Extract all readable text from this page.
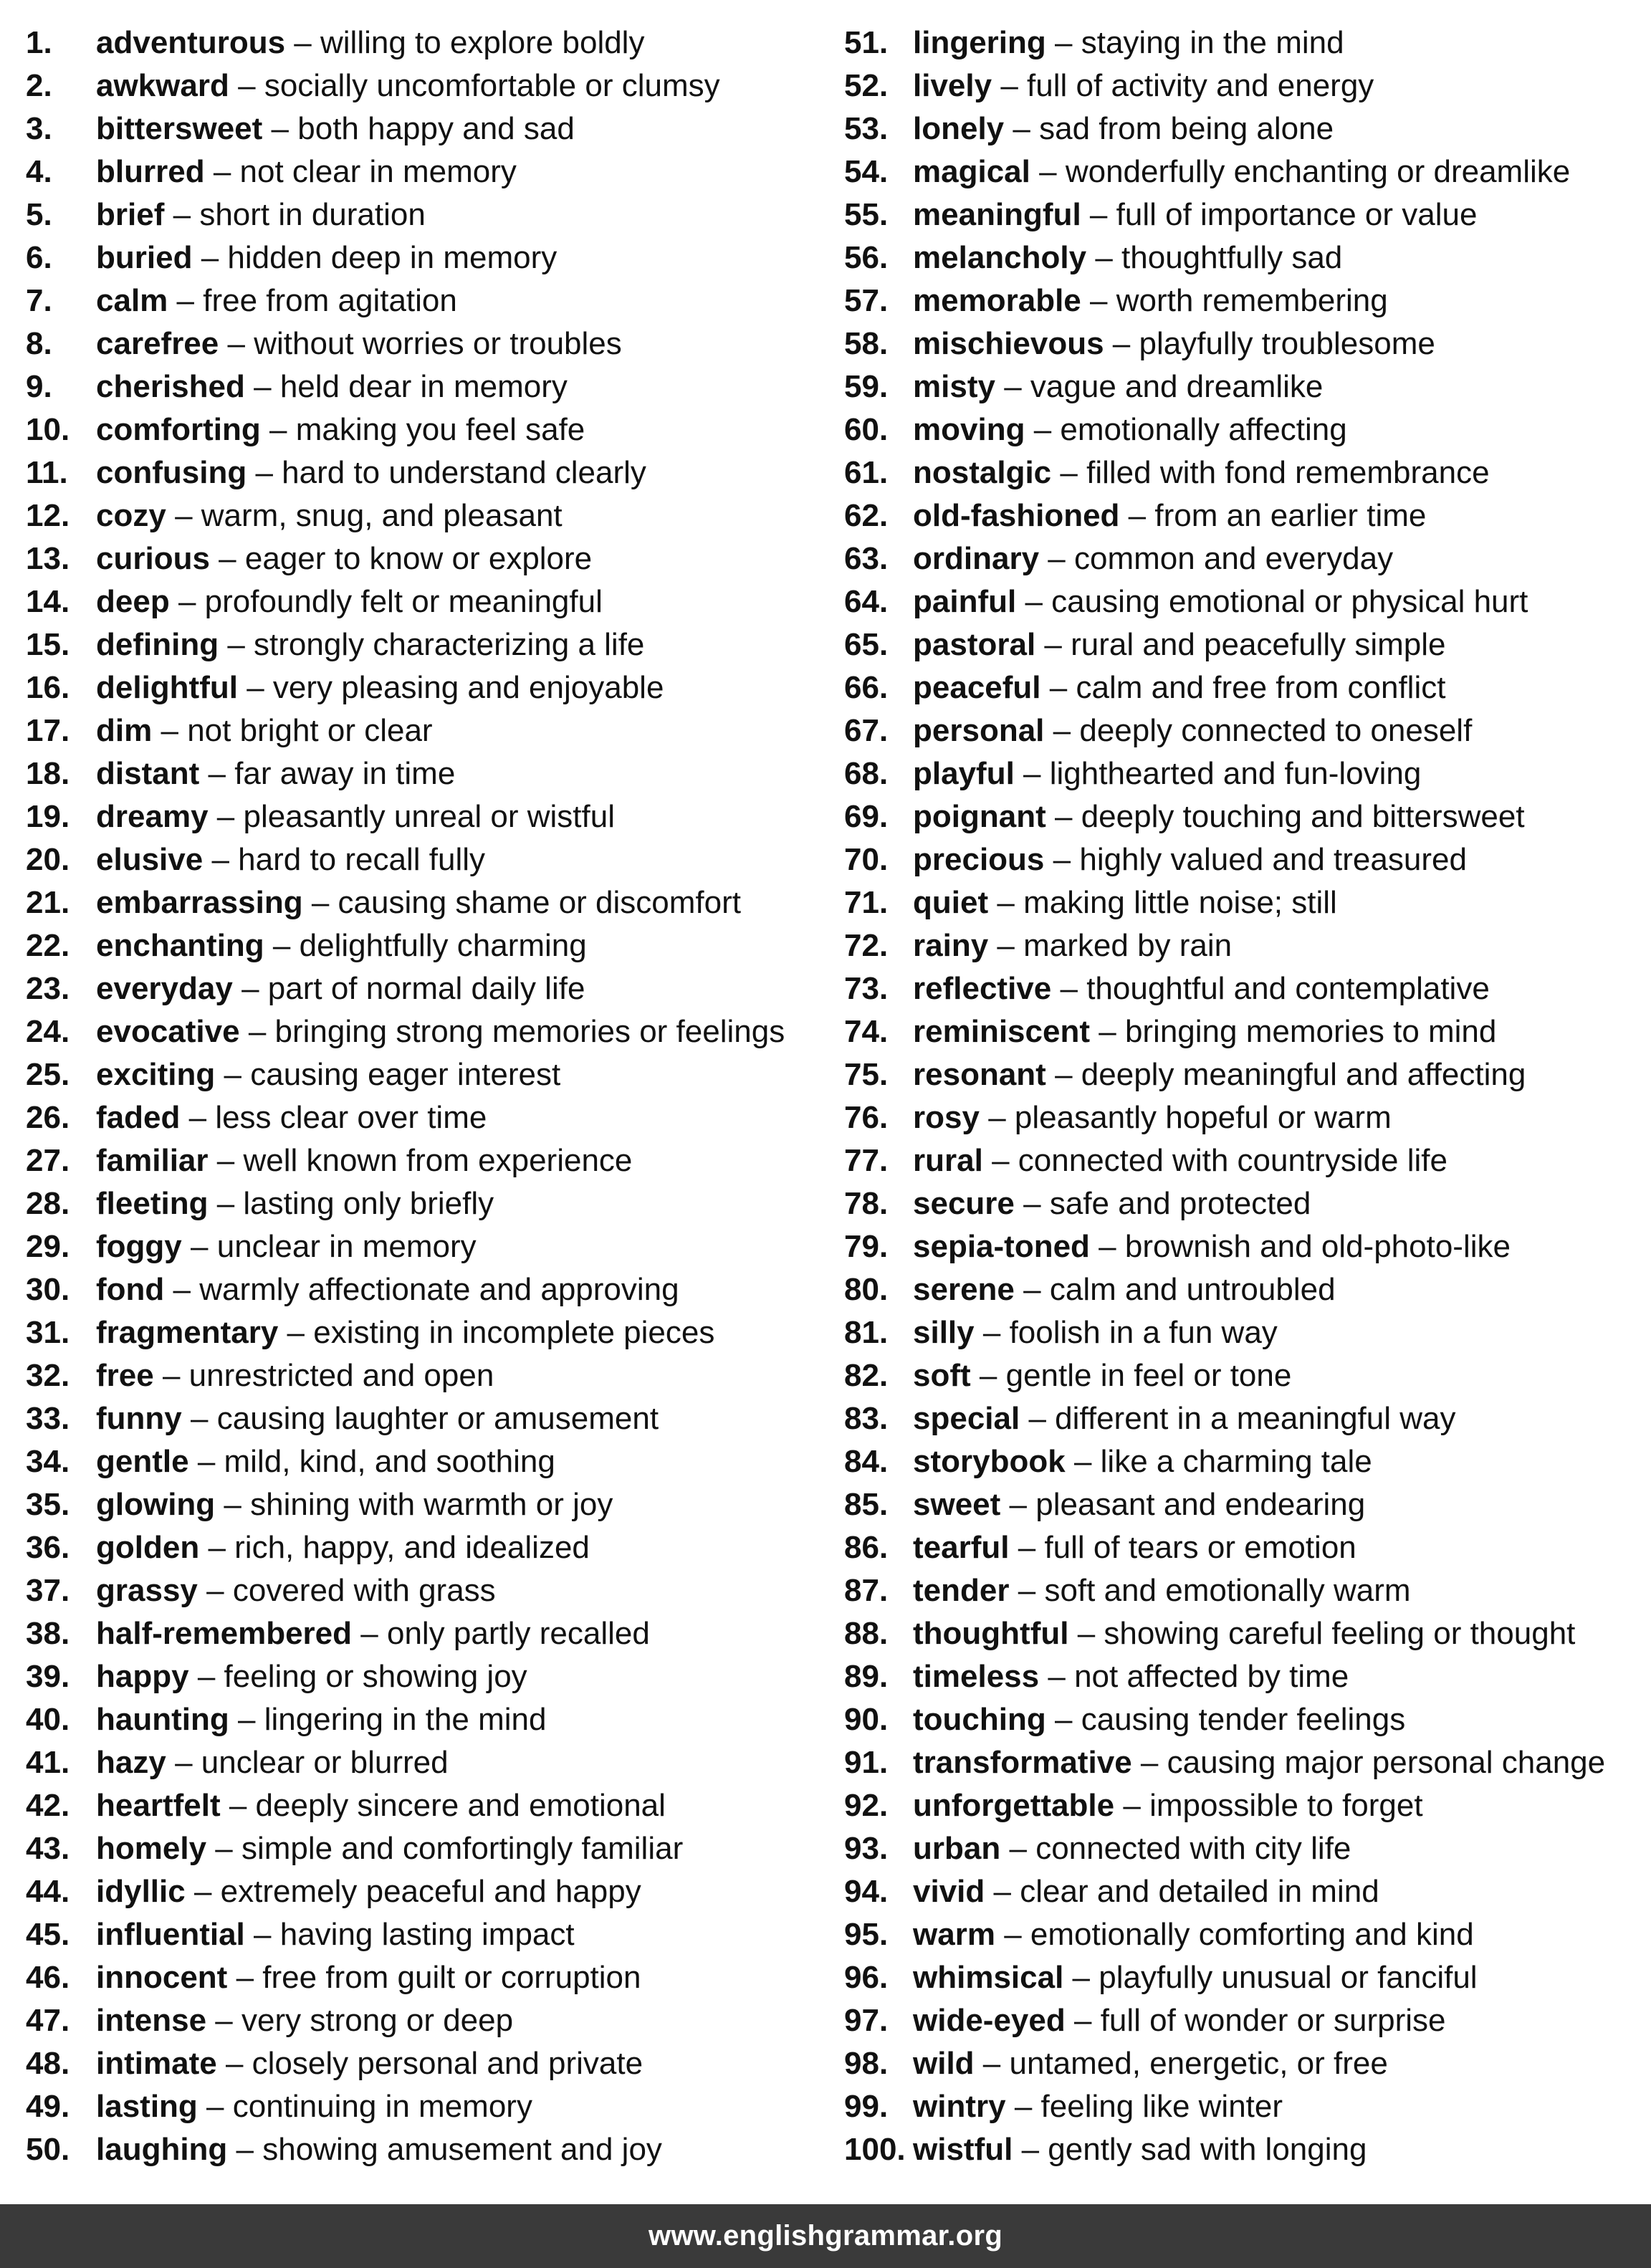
1. adventurous – willing to explore boldly
2. awkward – socially uncomfortable or clumsy
3. bittersweet – both happy and sad
4. blurred – not clear in memory
5. brief – short in duration
6. buried – hidden deep in memory
7. calm – free from agitation
8. carefree – without worries or troubles
9. cherished – held dear in memory
10. comforting – making you feel safe
11. confusing – hard to understand clearly
12. cozy – warm, snug, and pleasant
13. curious – eager to know or explore
14. deep – profoundly felt or meaningful
15. defining – strongly characterizing a life
16. delightful – very pleasing and enjoyable
17. dim – not bright or clear
18. distant – far away in time
19. dreamy – pleasantly unreal or wistful
20. elusive – hard to recall fully
21. embarrassing – causing shame or discomfort
22. enchanting – delightfully charming
23. everyday – part of normal daily life
24. evocative – bringing strong memories or feelings
25. exciting – causing eager interest
26. faded – less clear over time
27. familiar – well known from experience
28. fleeting – lasting only briefly
29. foggy – unclear in memory
30. fond – warmly affectionate and approving
31. fragmentary – existing in incomplete pieces
32. free – unrestricted and open
33. funny – causing laughter or amusement
34. gentle – mild, kind, and soothing
35. glowing – shining with warmth or joy
36. golden – rich, happy, and idealized
37. grassy – covered with grass
38. half-remembered – only partly recalled
39. happy – feeling or showing joy
40. haunting – lingering in the mind
41. hazy – unclear or blurred
42. heartfelt – deeply sincere and emotional
43. homely – simple and comfortingly familiar
44. idyllic – extremely peaceful and happy
45. influential – having lasting impact
46. innocent – free from guilt or corruption
47. intense – very strong or deep
48. intimate – closely personal and private
49. lasting – continuing in memory
50. laughing – showing amusement and joy
51. lingering – staying in the mind
52. lively – full of activity and energy
53. lonely – sad from being alone
54. magical – wonderfully enchanting or dreamlike
55. meaningful – full of importance or value
56. melancholy – thoughtfully sad
57. memorable – worth remembering
58. mischievous – playfully troublesome
59. misty – vague and dreamlike
60. moving – emotionally affecting
61. nostalgic – filled with fond remembrance
62. old-fashioned – from an earlier time
63. ordinary – common and everyday
64. painful – causing emotional or physical hurt
65. pastoral – rural and peacefully simple
66. peaceful – calm and free from conflict
67. personal – deeply connected to oneself
68. playful – lighthearted and fun-loving
69. poignant – deeply touching and bittersweet
70. precious – highly valued and treasured
71. quiet – making little noise; still
72. rainy – marked by rain
73. reflective – thoughtful and contemplative
74. reminiscent – bringing memories to mind
75. resonant – deeply meaningful and affecting
76. rosy – pleasantly hopeful or warm
77. rural – connected with countryside life
78. secure – safe and protected
79. sepia-toned – brownish and old-photo-like
80. serene – calm and untroubled
81. silly – foolish in a fun way
82. soft – gentle in feel or tone
83. special – different in a meaningful way
84. storybook – like a charming tale
85. sweet – pleasant and endearing
86. tearful – full of tears or emotion
87. tender – soft and emotionally warm
88. thoughtful – showing careful feeling or thought
89. timeless – not affected by time
90. touching – causing tender feelings
91. transformative – causing major personal change
92. unforgettable – impossible to forget
93. urban – connected with city life
94. vivid – clear and detailed in mind
95. warm – emotionally comforting and kind
96. whimsical – playfully unusual or fanciful
97. wide-eyed – full of wonder or surprise
98. wild – untamed, energetic, or free
99. wintry – feeling like winter
100. wistful – gently sad with longing
www.englishgrammar.org
